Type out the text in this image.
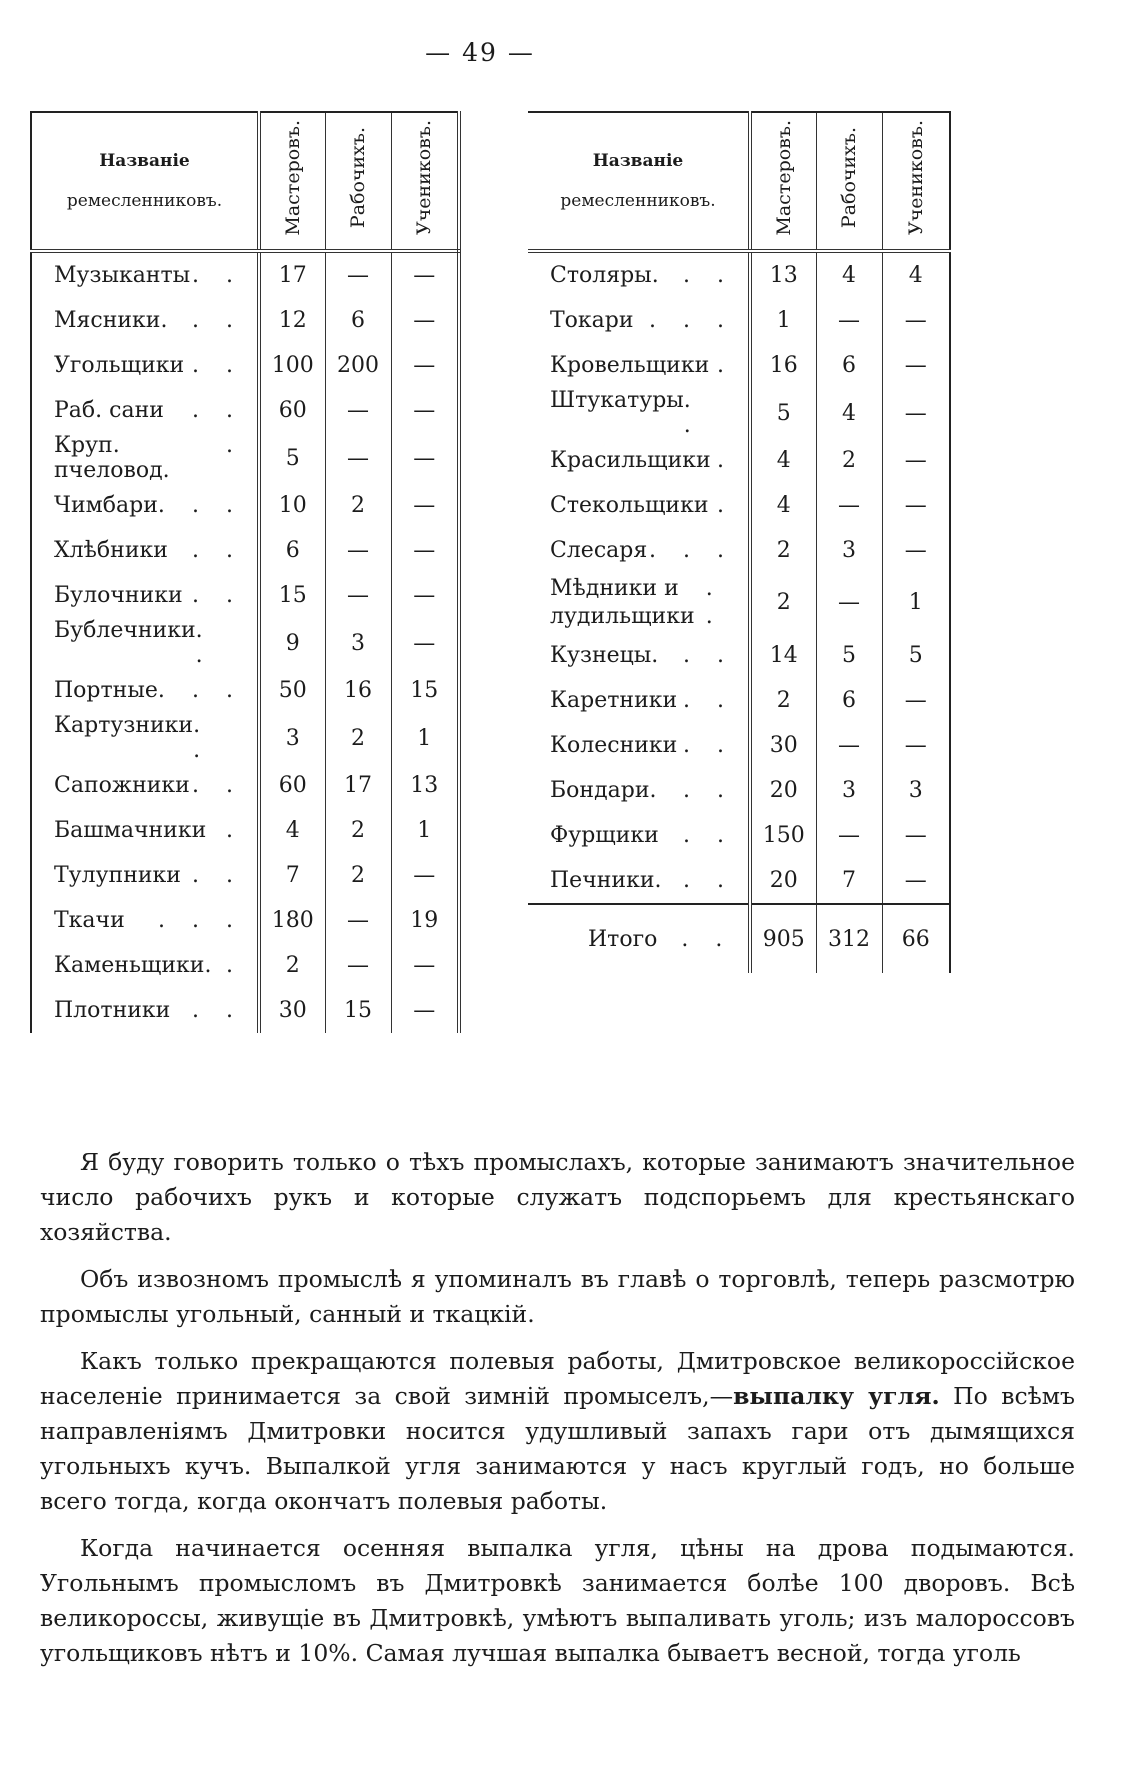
— 49 —
Названіе
ремесленниковъ.	Мастеровъ.	Рабочихъ.	Учениковъ.

Музыканты . .	17	—	—

Мясники. . .	12	6	—

Угольщики . .	100	200	—

Раб. сани . .	60	—	—

Круп. пчеловод.
.	5	—	—

Чимбари. . .	10	2	—

Хлѣбники . .	6	—	—

Булочники . .	15	—	—

Бублечники . .	9	3	—

Портные. . .	50	16	15

Картузники . .	3	2	1

Сапожники . .	60	17	13

Башмачники .	4	2	1

Тулупники . .	7	2	—

Ткачи . . .	180	—	19

Каменьщики. .	2	—	—

Плотники . .	30	15	—
Названіе
ремесленниковъ.	Мастеровъ.	Рабочихъ.	Учениковъ.

Столяры. . .	13	4	4

Токари . . .	1	—	—

Кровельщики .	16	6	—

Штукатуры . .	5	4	—

Красильщики .	4	2	—

Стекольщики .	4	—	—

Слесаря . . .	2	3	—

Мѣдники и лудильщики
. .	2	—	1

Кузнецы. . .	14	5	5

Каретники . .	2	6	—

Колесники . .	30	—	—

Бондари. . .	20	3	3

Фурщики . .	150	—	—

Печники. . .	20	7	—
Итого . .	905	312	66

Я буду говорить только о тѣхъ промыслахъ, которые занимаютъ значительное число рабочихъ рукъ и которые служатъ подспорьемъ для крестьянскаго хозяйства.

Объ извозномъ промыслѣ я упоминалъ въ главѣ о торговлѣ, теперь разсмотрю промыслы угольный, санный и ткацкій.

Какъ только прекращаются полевыя работы, Дмитровское великороссійское населеніе принимается за свой зимній промыселъ,—выпалку угля. По всѣмъ направленіямъ Дмитровки носится удушливый запахъ гари отъ дымящихся угольныхъ кучъ. Выпалкой угля занимаются у насъ круглый годъ, но больше всего тогда, когда окончатъ полевыя работы.

Когда начинается осенняя выпалка угля, цѣны на дрова подымаются. Угольнымъ промысломъ въ Дмитровкѣ занимается болѣе 100 дворовъ. Всѣ великороссы, живущіе въ Дмитровкѣ, умѣютъ выпаливать уголь; изъ малороссовъ угольщиковъ нѣтъ и 10%. Самая лучшая выпалка бываетъ весной, тогда уголь
